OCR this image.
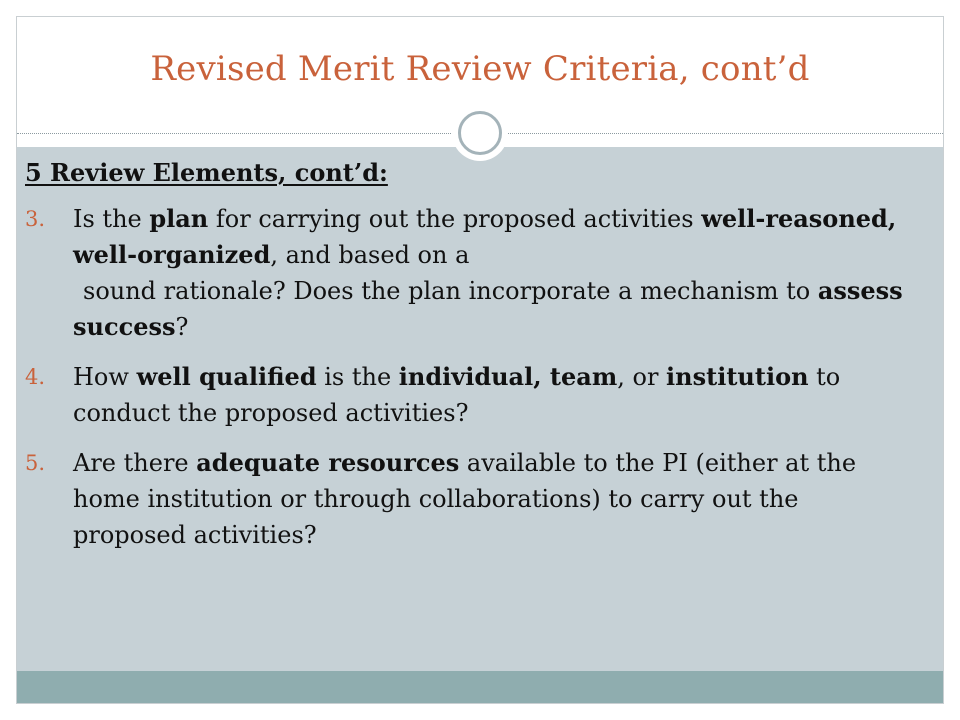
Revised Merit Review Criteria, cont’d
5 Review Elements, cont’d:
3. Is the plan for carrying out the proposed activities well-reasoned, well-organized, and based on a
sound rationale? Does the plan incorporate a mechanism to assess success?
4. How well qualified is the individual, team, or institution to conduct the proposed activities?
5. Are there adequate resources available to the PI (either at the home institution or through collaborations) to carry out the proposed activities?
